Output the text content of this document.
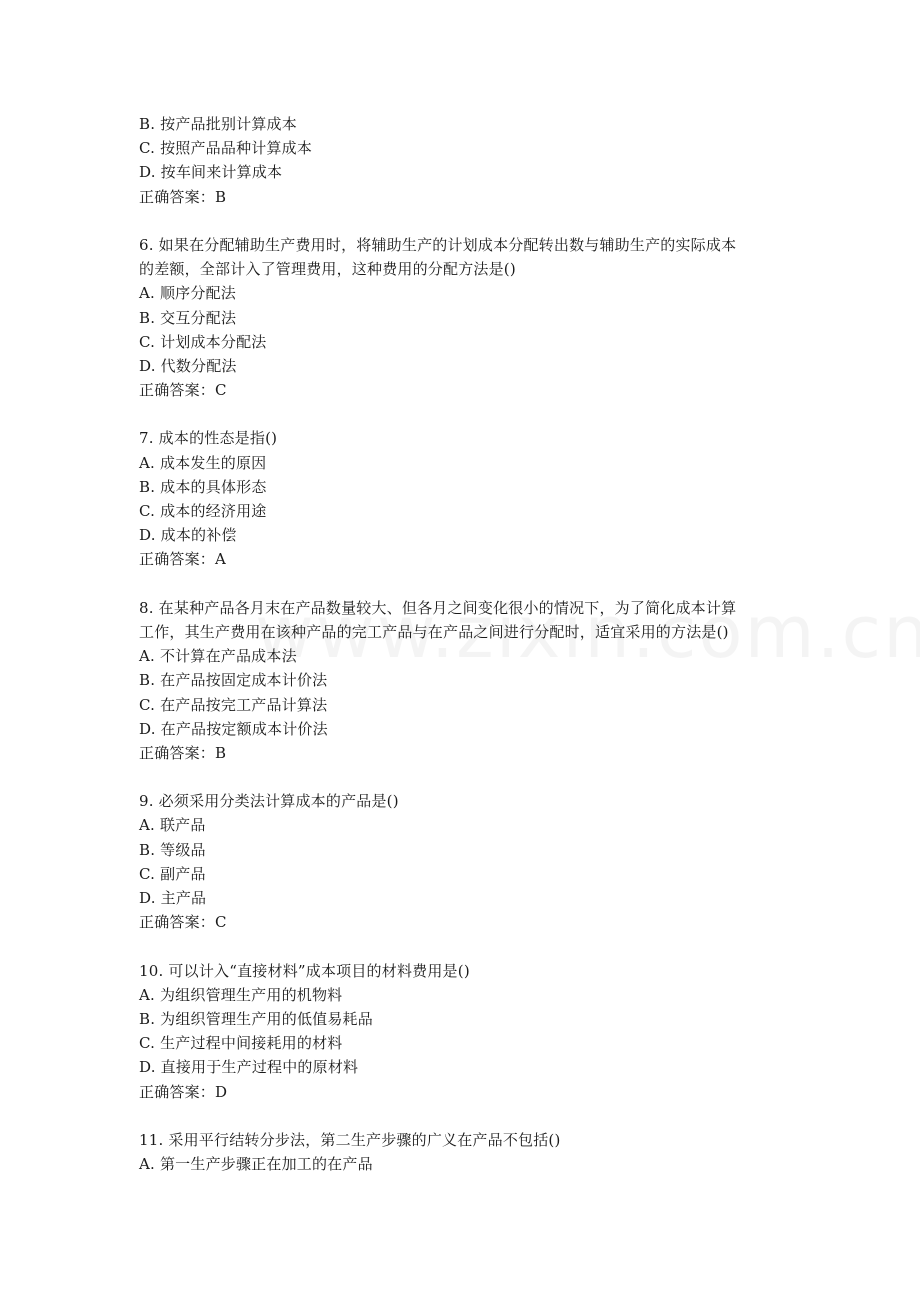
B. 按产品批别计算成本
C. 按照产品品种计算成本
D. 按车间来计算成本
正确答案：B
6. 如果在分配辅助生产费用时，将辅助生产的计划成本分配转出数与辅助生产的实际成本
的差额，全部计入了管理费用，这种费用的分配方法是()
A. 顺序分配法
B. 交互分配法
C. 计划成本分配法
D. 代数分配法
正确答案：C
7. 成本的性态是指()
A. 成本发生的原因
B. 成本的具体形态
C. 成本的经济用途
D. 成本的补偿
正确答案：A
8. 在某种产品各月末在产品数量较大、但各月之间变化很小的情况下，为了简化成本计算
工作，其生产费用在该种产品的完工产品与在产品之间进行分配时，适宜采用的方法是()
A. 不计算在产品成本法
B. 在产品按固定成本计价法
C. 在产品按完工产品计算法
D. 在产品按定额成本计价法
正确答案：B
9. 必须采用分类法计算成本的产品是()
A. 联产品
B. 等级品
C. 副产品
D. 主产品
正确答案：C
10. 可以计入“直接材料”成本项目的材料费用是()
A. 为组织管理生产用的机物料
B. 为组织管理生产用的低值易耗品
C. 生产过程中间接耗用的材料
D. 直接用于生产过程中的原材料
正确答案：D
11. 采用平行结转分步法，第二生产步骤的广义在产品不包括()
A. 第一生产步骤正在加工的在产品
